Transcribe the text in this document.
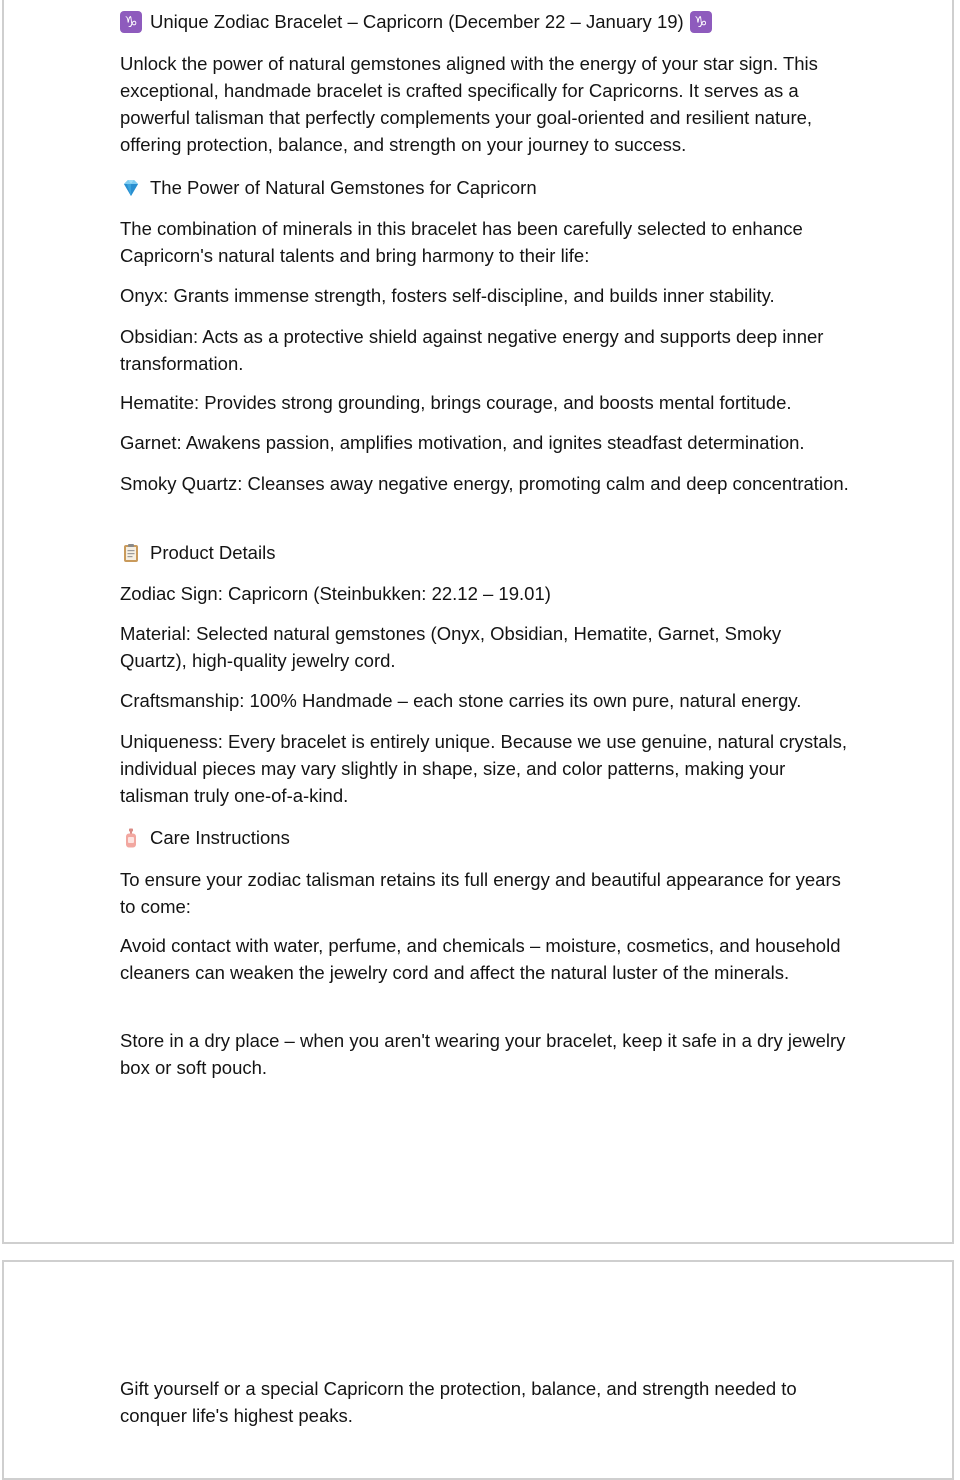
♑ Unique Zodiac Bracelet – Capricorn (December 22 – January 19) ♑

Unlock the power of natural gemstones aligned with the energy of your star sign. This exceptional, handmade bracelet is crafted specifically for Capricorns. It serves as a powerful talisman that perfectly complements your goal-oriented and resilient nature, offering protection, balance, and strength on your journey to success.

The Power of Natural Gemstones for Capricorn

The combination of minerals in this bracelet has been carefully selected to enhance Capricorn's natural talents and bring harmony to their life:

Onyx: Grants immense strength, fosters self-discipline, and builds inner stability.

Obsidian: Acts as a protective shield against negative energy and supports deep inner transformation.

Hematite: Provides strong grounding, brings courage, and boosts mental fortitude.

Garnet: Awakens passion, amplifies motivation, and ignites steadfast determination.

Smoky Quartz: Cleanses away negative energy, promoting calm and deep concentration.

Product Details

Zodiac Sign: Capricorn (Steinbukken: 22.12 – 19.01)

Material: Selected natural gemstones (Onyx, Obsidian, Hematite, Garnet, Smoky Quartz), high-quality jewelry cord.

Craftsmanship: 100% Handmade – each stone carries its own pure, natural energy.

Uniqueness: Every bracelet is entirely unique. Because we use genuine, natural crystals, individual pieces may vary slightly in shape, size, and color patterns, making your talisman truly one-of-a-kind.

Care Instructions

To ensure your zodiac talisman retains its full energy and beautiful appearance for years to come:

Avoid contact with water, perfume, and chemicals – moisture, cosmetics, and household cleaners can weaken the jewelry cord and affect the natural luster of the minerals.

Store in a dry place – when you aren't wearing your bracelet, keep it safe in a dry jewelry box or soft pouch.

Gift yourself or a special Capricorn the protection, balance, and strength needed to conquer life's highest peaks.
